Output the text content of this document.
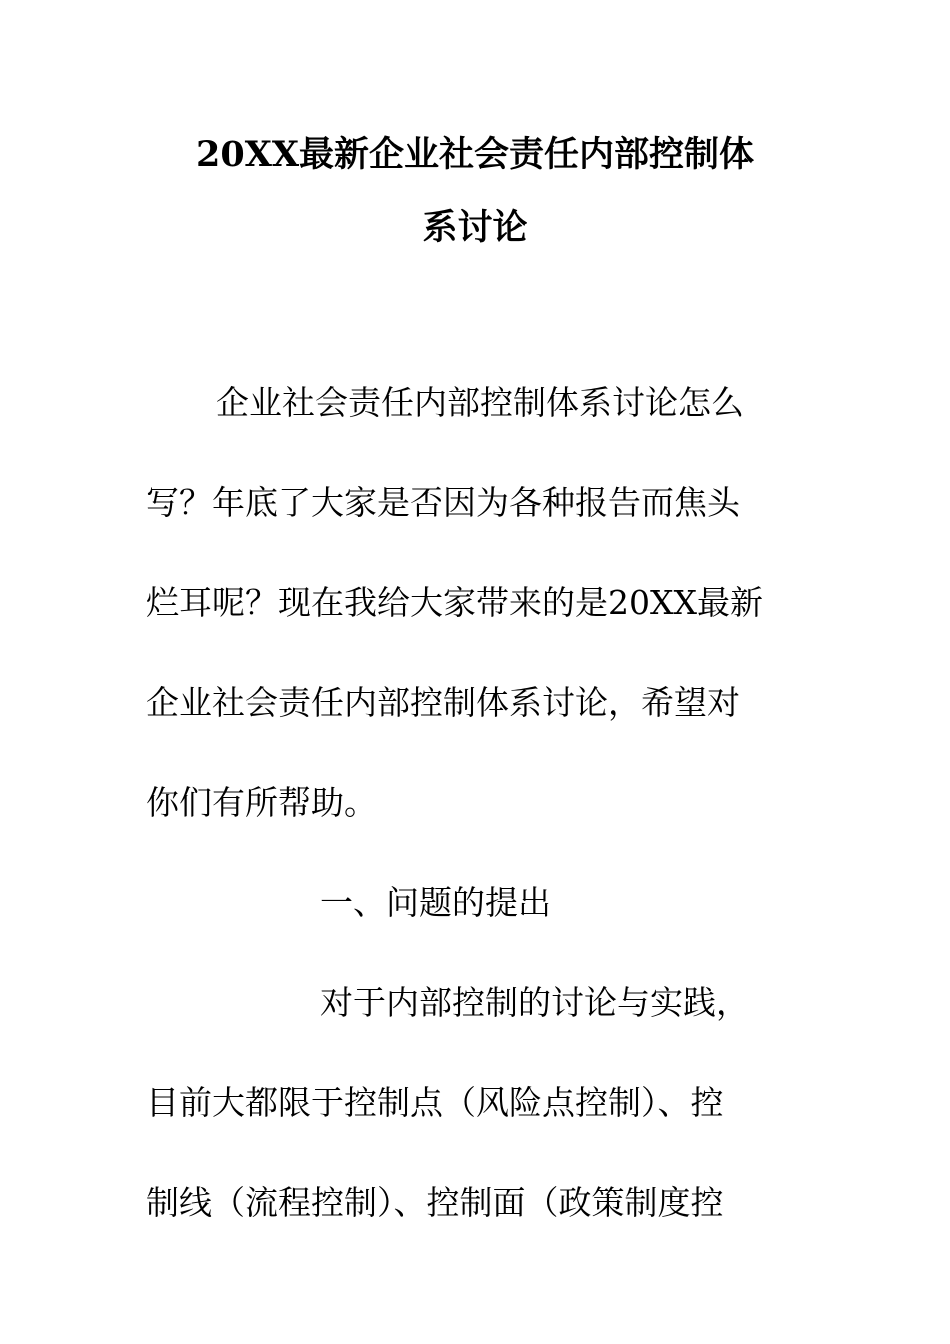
20XX最新企业社会责任内部控制体
系讨论
企业社会责任内部控制体系讨论怎么
写？年底了大家是否因为各种报告而焦头
烂耳呢？现在我给大家带来的是20XX最新
企业社会责任内部控制体系讨论，希望对
你们有所帮助。
一、问题的提出
对于内部控制的讨论与实践，
目前大都限于控制点（风险点控制）、控
制线（流程控制）、控制面（政策制度控
